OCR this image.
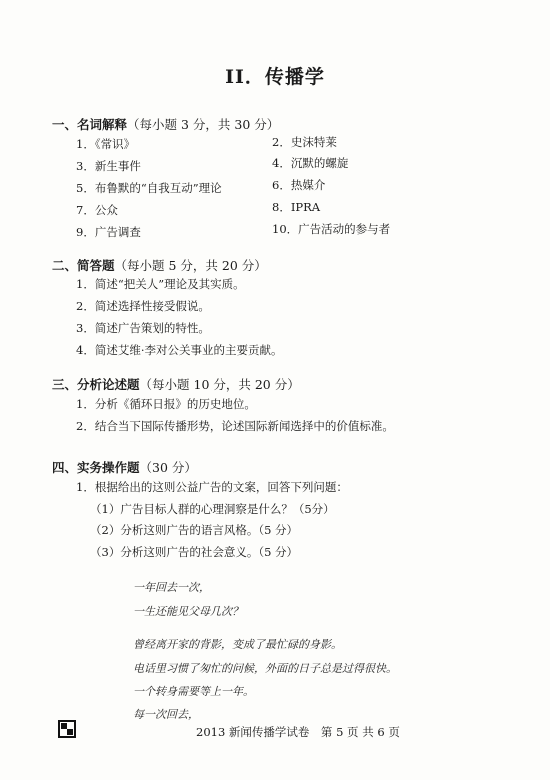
II．传播学
一、名词解释（每小题 3 分，共 30 分）
1．《常识》
3．新生事件
5．布鲁默的“自我互动”理论
7．公众
9．广告调查
2．史沫特莱
4．沉默的螺旋
6．热媒介
8．IPRA
10．广告活动的参与者
二、简答题（每小题 5 分，共 20 分）
1．简述“把关人”理论及其实质。
2．简述选择性接受假说。
3．简述广告策划的特性。
4．简述艾维·李对公关事业的主要贡献。
三、分析论述题（每小题 10 分，共 20 分）
1．分析《循环日报》的历史地位。
2．结合当下国际传播形势，论述国际新闻选择中的价值标准。
四、实务操作题（30 分）
1．根据给出的这则公益广告的文案，回答下列问题：
（1）广告目标人群的心理洞察是什么？（5分）
（2）分析这则广告的语言风格。（5 分）
（3）分析这则广告的社会意义。（5 分）
一年回去一次，
一生还能见父母几次？
曾经离开家的背影，变成了最忙碌的身影。
电话里习惯了匆忙的问候，外面的日子总是过得很快。
一个转身需要等上一年。
每一次回去，
2013 新闻传播学试卷　第 5 页 共 6 页
